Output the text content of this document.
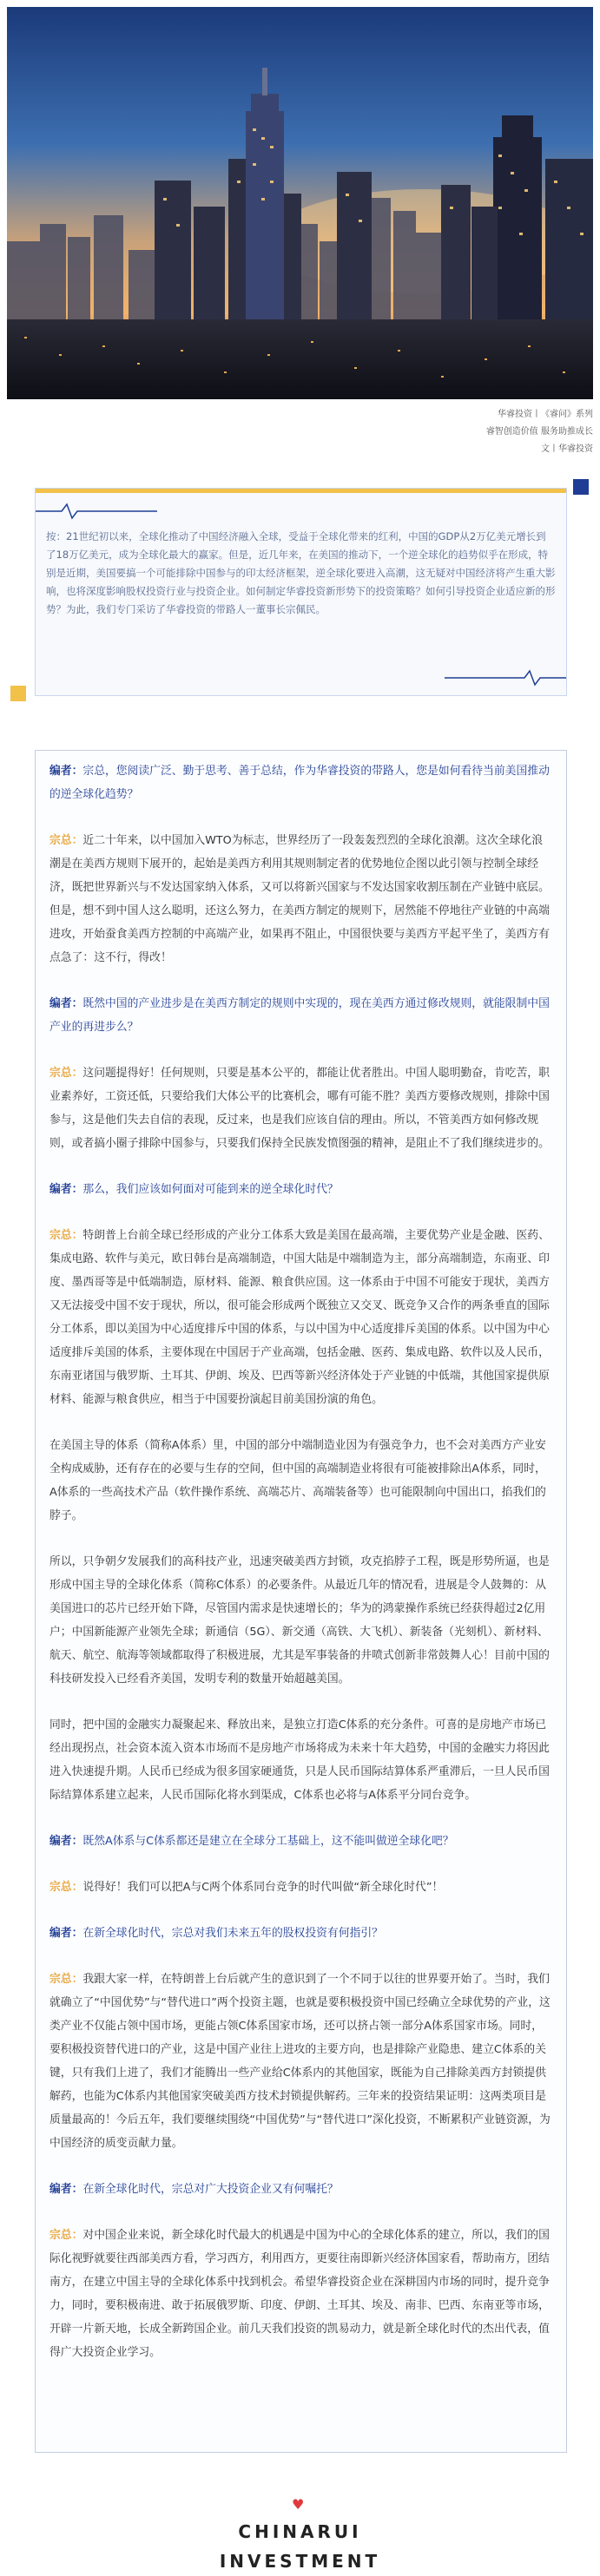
华睿投资丨《睿问》系列
睿智创造价值 服务助推成长
文丨华睿投资

按：21世纪初以来，全球化推动了中国经济融入全球，受益于全球化带来的红利，中国的GDP从2万亿美元增长到了18万亿美元，成为全球化最大的赢家。但是，近几年来，在美国的推动下，一个逆全球化的趋势似乎在形成，特别是近期，美国要搞一个可能排除中国参与的印太经济框架，逆全球化要进入高潮，这无疑对中国经济将产生重大影响，也将深度影响股权投资行业与投资企业。如何制定华睿投资新形势下的投资策略？如何引导投资企业适应新的形势？为此，我们专门采访了华睿投资的带路人一董事长宗佩民。

编者：宗总，您阅读广泛、勤于思考、善于总结，作为华睿投资的带路人，您是如何看待当前美国推动的逆全球化趋势？

宗总：近二十年来，以中国加入WTO为标志，世界经历了一段轰轰烈烈的全球化浪潮。这次全球化浪潮是在美西方规则下展开的，起始是美西方利用其规则制定者的优势地位企图以此引领与控制全球经济，既把世界新兴与不发达国家纳入体系，又可以将新兴国家与不发达国家收割压制在产业链中底层。但是，想不到中国人这么聪明，还这么努力，在美西方制定的规则下，居然能不停地往产业链的中高端进攻，开始蚕食美西方控制的中高端产业，如果再不阻止，中国很快要与美西方平起平坐了，美西方有点急了：这不行，得改！

编者：既然中国的产业进步是在美西方制定的规则中实现的，现在美西方通过修改规则，就能限制中国产业的再进步么？

宗总：这问题提得好！任何规则，只要是基本公平的，都能让优者胜出。中国人聪明勤奋，肯吃苦，职业素养好，工资还低，只要给我们大体公平的比赛机会，哪有可能不胜？美西方要修改规则，排除中国参与，这是他们失去自信的表现，反过来，也是我们应该自信的理由。所以，不管美西方如何修改规则，或者搞小圈子排除中国参与，只要我们保持全民族发愤图强的精神，是阻止不了我们继续进步的。

编者：那么，我们应该如何面对可能到来的逆全球化时代？

宗总：特朗普上台前全球已经形成的产业分工体系大致是美国在最高端，主要优势产业是金融、医药、集成电路、软件与美元，欧日韩台是高端制造，中国大陆是中端制造为主，部分高端制造，东南亚、印度、墨西哥等是中低端制造，原材料、能源、粮食供应国。这一体系由于中国不可能安于现状，美西方又无法接受中国不安于现状，所以，很可能会形成两个既独立又交叉、既竞争又合作的两条垂直的国际分工体系，即以美国为中心适度排斥中国的体系，与以中国为中心适度排斥美国的体系。以中国为中心适度排斥美国的体系，主要体现在中国居于产业高端，包括金融、医药、集成电路、软件以及人民币，东南亚诸国与俄罗斯、土耳其、伊朗、埃及、巴西等新兴经济体处于产业链的中低端，其他国家提供原材料、能源与粮食供应，相当于中国要扮演起目前美国扮演的角色。

在美国主导的体系（简称A体系）里，中国的部分中端制造业因为有强竞争力，也不会对美西方产业安全构成威胁，还有存在的必要与生存的空间，但中国的高端制造业将很有可能被排除出A体系，同时，A体系的一些高技术产品（软件操作系统、高端芯片、高端装备等）也可能限制向中国出口，掐我们的脖子。

所以，只争朝夕发展我们的高科技产业，迅速突破美西方封锁，攻克掐脖子工程，既是形势所逼，也是形成中国主导的全球化体系（简称C体系）的必要条件。从最近几年的情况看，进展是令人鼓舞的：从美国进口的芯片已经开始下降，尽管国内需求是快速增长的；华为的鸿蒙操作系统已经获得超过2亿用户；中国新能源产业领先全球；新通信（5G）、新交通（高铁、大飞机）、新装备（光刻机）、新材料、航天、航空、航海等领域都取得了积极进展，尤其是军事装备的井喷式创新非常鼓舞人心！目前中国的科技研发投入已经看齐美国，发明专利的数量开始超越美国。

同时，把中国的金融实力凝聚起来、释放出来，是独立打造C体系的充分条件。可喜的是房地产市场已经出现拐点，社会资本流入资本市场而不是房地产市场将成为未来十年大趋势，中国的金融实力将因此进入快速提升期。人民币已经成为很多国家硬通货，只是人民币国际结算体系严重滞后，一旦人民币国际结算体系建立起来，人民币国际化将水到渠成，C体系也必将与A体系平分同台竞争。

编者：既然A体系与C体系都还是建立在全球分工基础上，这不能叫做逆全球化吧？

宗总：说得好！我们可以把A与C两个体系同台竞争的时代叫做“新全球化时代”！

编者：在新全球化时代，宗总对我们未来五年的股权投资有何指引？

宗总：我跟大家一样，在特朗普上台后就产生的意识到了一个不同于以往的世界要开始了。当时，我们就确立了“中国优势”与“替代进口”两个投资主题，也就是要积极投资中国已经确立全球优势的产业，这类产业不仅能占领中国市场，更能占领C体系国家市场，还可以挤占领一部分A体系国家市场。同时，要积极投资替代进口的产业，这是中国产业往上进攻的主要方向，也是排除产业隐患、建立C体系的关键，只有我们上进了，我们才能腾出一些产业给C体系内的其他国家，既能为自己排除美西方封锁提供解药，也能为C体系内其他国家突破美西方技术封锁提供解药。三年来的投资结果证明：这两类项目是质量最高的！今后五年，我们要继续围绕“中国优势”与“替代进口”深化投资，不断累积产业链资源，为中国经济的质变贡献力量。

编者：在新全球化时代，宗总对广大投资企业又有何嘱托？

宗总：对中国企业来说，新全球化时代最大的机遇是中国为中心的全球化体系的建立，所以，我们的国际化视野就要往西部美西方看，学习西方，利用西方，更要往南即新兴经济体国家看，帮助南方，团结南方，在建立中国主导的全球化体系中找到机会。希望华睿投资企业在深耕国内市场的同时，提升竞争力，同时，要积极南进、敢于拓展俄罗斯、印度、伊朗、土耳其、埃及、南非、巴西、东南亚等市场，开辟一片新天地，长成全新跨国企业。前几天我们投资的凯易动力，就是新全球化时代的杰出代表，值得广大投资企业学习。

♥
CHINARUI INVESTMENT
